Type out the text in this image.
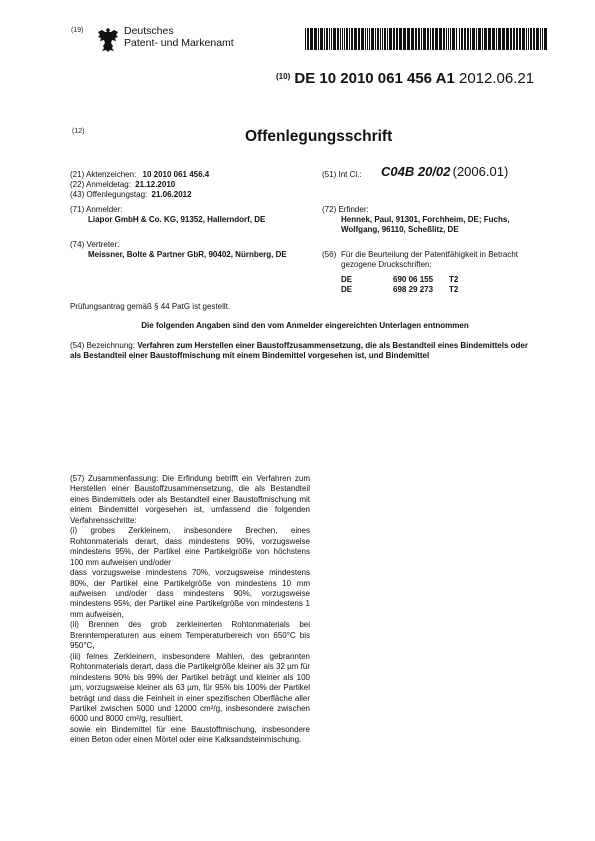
(19)	Deutsches
Patent- und Markenamt
$^{(10)}$ DE 10 2010 061 456 A1 2012.06.21
(12)	Offenlegungsschrift
(21) Aktenzeichen: 10 2010 061 456.4
(22) Anmeldetag: 21.12.2010
(43) Offenlegungstag: 21.06.2012
(51) Int Cl.: C04B 20/02 (2006.01)
(71) Anmelder:
Liapor GmbH & Co. KG, 91352, Hallerndorf, DE
(72) Erfinder:
Hennek, Paul, 91301, Forchheim, DE; Fuchs, Wolfgang, 96110, Scheßlitz, DE
(74) Vertreter:
Meissner, Bolte & Partner GbR, 90402, Nürnberg, DE	(56) Für die Beurteilung der Patentfähigkeit in Betracht gezogene Druckschriften:
DE	690 06 155 T2
DE	698 29 273 T2
Prüfungsantrag gemäß § 44 PatG ist gestellt.
Die folgenden Angaben sind den vom Anmelder eingereichten Unterlagen entnommen
(54) Bezeichnung: Verfahren zum Herstellen einer Baustoffzusammensetzung, die als Bestandteil eines Bindemittels oder als Bestandteil einer Baustoffmischung mit einem Bindemittel vorgesehen ist, und Bindemittel

(57) Zusammenfassung: Die Erfindung betrifft ein Verfahren zum Herstellen einer Baustoffzusammensetzung, die als Bestandteil eines Bindemittels oder als Bestandteil einer Baustoffmischung mit einem Bindemittel vorgesehen ist, umfassend die folgenden Verfahrensschritte:

(i) grobes Zerkleinern, insbesondere Brechen, eines Rohtonmaterials derart, dass mindestens 90%, vorzugsweise mindestens 95%, der Partikel eine Partikelgröße von höchstens 100 mm aufweisen und/oder

dass vorzugsweise mindestens 70%, vorzugsweise mindestens 80%, der Partikel eine Partikelgröße von mindestens 10 mm aufweisen und/oder dass mindestens 90%, vorzugsweise mindestens 95%, der Partikel eine Partikelgröße von mindestens 1 mm aufweisen,

(ii) Brennen des grob zerkleinerten Rohtonmaterials bei Brenntemperaturen aus einem Temperaturbereich von 650°C bis 950°C,

(iii) feines Zerkleinern, insbesondere Mahlen, des gebrannten Rohtonmaterials derart, dass die Partikelgröße kleiner als 32 µm für mindestens 90% bis 99% der Partikel beträgt und kleiner als 100 µm, vorzugsweise kleiner als 63 µm, für 95% bis 100% der Partikel beträgt und dass die Feinheit in einer spezifischen Oberfläche aller Partikel zwischen 5000 und 12000 cm²/g, insbesondere zwischen 6000 und 8000 cm²/g, resultiert,

sowie ein Bindemittel für eine Baustoffmischung, insbesondere einen Beton oder einen Mörtel oder eine Kalksandsteinmischung.
